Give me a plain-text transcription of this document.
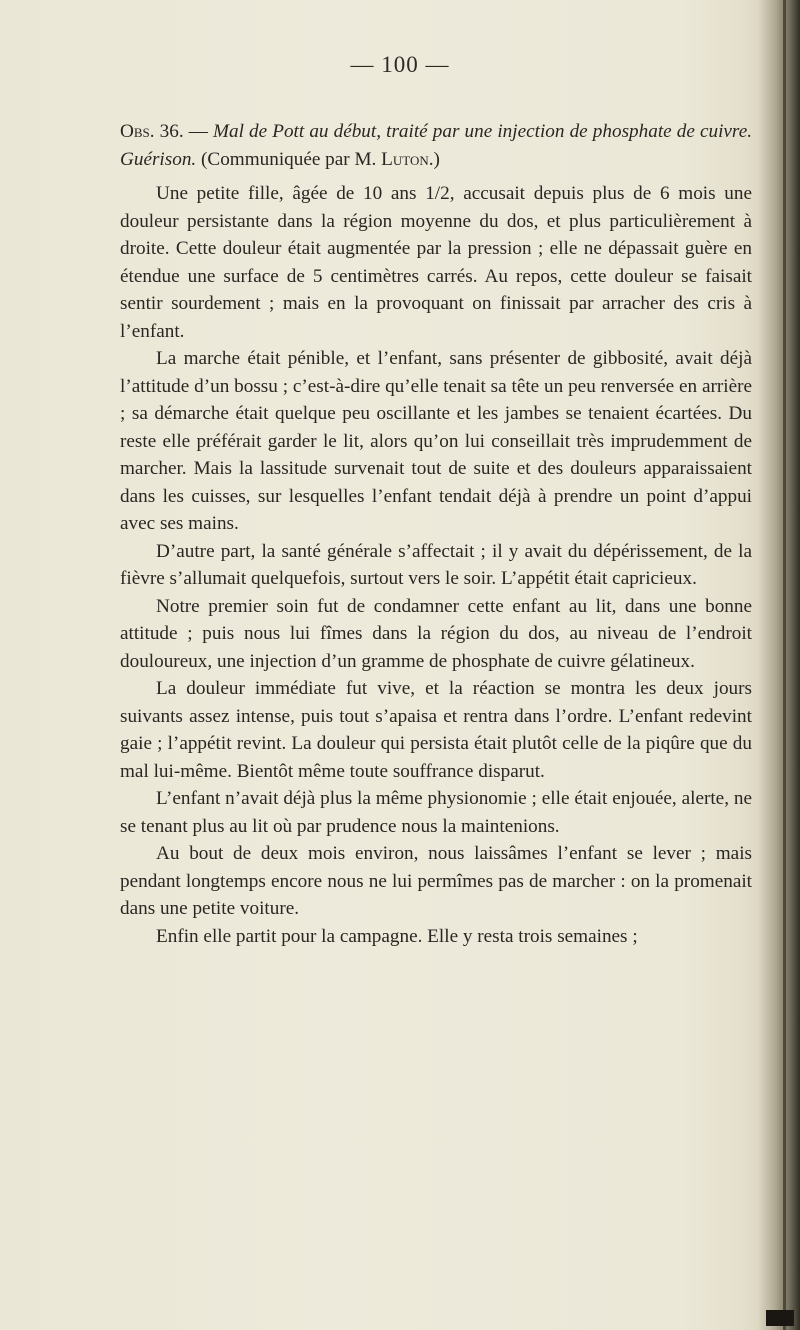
— 100 —

Obs. 36. — Mal de Pott au début, traité par une injection de phosphate de cuivre. Guérison. (Communiquée par M. Luton.)

Une petite fille, âgée de 10 ans 1/2, accusait depuis plus de 6 mois une douleur persistante dans la région moyenne du dos, et plus particulièrement à droite. Cette douleur était augmentée par la pression ; elle ne dépassait guère en étendue une surface de 5 centimètres carrés. Au repos, cette douleur se faisait sentir sourdement ; mais en la provoquant on finissait par arracher des cris à l’enfant.

La marche était pénible, et l’enfant, sans présenter de gibbosité, avait déjà l’attitude d’un bossu ; c’est-à-dire qu’elle tenait sa tête un peu renversée en arrière ; sa démarche était quelque peu oscillante et les jambes se tenaient écartées. Du reste elle préférait garder le lit, alors qu’on lui conseillait très imprudemment de marcher. Mais la lassitude survenait tout de suite et des douleurs apparaissaient dans les cuisses, sur lesquelles l’enfant tendait déjà à prendre un point d’appui avec ses mains.

D’autre part, la santé générale s’affectait ; il y avait du dépérissement, de la fièvre s’allumait quelquefois, surtout vers le soir. L’appétit était capricieux.

Notre premier soin fut de condamner cette enfant au lit, dans une bonne attitude ; puis nous lui fîmes dans la région du dos, au niveau de l’endroit douloureux, une injection d’un gramme de phosphate de cuivre gélatineux.

La douleur immédiate fut vive, et la réaction se montra les deux jours suivants assez intense, puis tout s’apaisa et rentra dans l’ordre. L’enfant redevint gaie ; l’appétit revint. La douleur qui persista était plutôt celle de la piqûre que du mal lui-même. Bientôt même toute souffrance disparut.

L’enfant n’avait déjà plus la même physionomie ; elle était enjouée, alerte, ne se tenant plus au lit où par prudence nous la maintenions.

Au bout de deux mois environ, nous laissâmes l’enfant se lever ; mais pendant longtemps encore nous ne lui permîmes pas de marcher : on la promenait dans une petite voiture.

Enfin elle partit pour la campagne. Elle y resta trois semaines ;
